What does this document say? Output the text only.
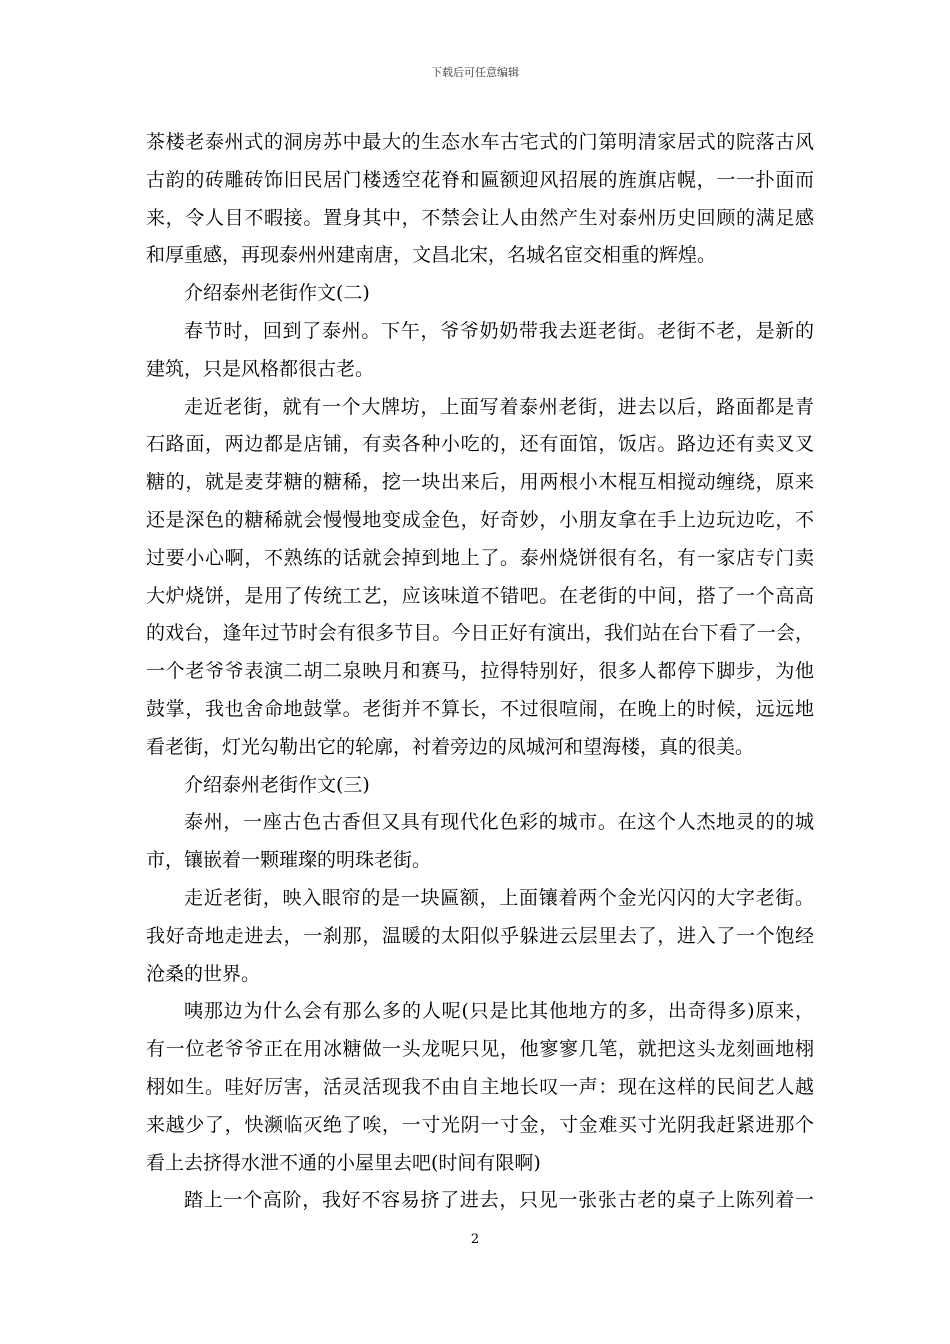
下载后可任意编辑
茶楼老泰州式的洞房苏中最大的生态水车古宅式的门第明清家居式的院落古风
古韵的砖雕砖饰旧民居门楼透空花脊和匾额迎风招展的旌旗店幌，一一扑面而
来，令人目不暇接。置身其中，不禁会让人由然产生对泰州历史回顾的满足感
和厚重感，再现泰州州建南唐，文昌北宋，名城名宦交相重的辉煌。
介绍泰州老街作文(二)
春节时，回到了泰州。下午，爷爷奶奶带我去逛老街。老街不老，是新的
建筑，只是风格都很古老。
走近老街，就有一个大牌坊，上面写着泰州老街，进去以后，路面都是青
石路面，两边都是店铺，有卖各种小吃的，还有面馆，饭店。路边还有卖叉叉
糖的，就是麦芽糖的糖稀，挖一块出来后，用两根小木棍互相搅动缠绕，原来
还是深色的糖稀就会慢慢地变成金色，好奇妙，小朋友拿在手上边玩边吃，不
过要小心啊，不熟练的话就会掉到地上了。泰州烧饼很有名，有一家店专门卖
大炉烧饼，是用了传统工艺，应该味道不错吧。在老街的中间，搭了一个高高
的戏台，逢年过节时会有很多节目。今日正好有演出，我们站在台下看了一会，
一个老爷爷表演二胡二泉映月和赛马，拉得特别好，很多人都停下脚步，为他
鼓掌，我也舍命地鼓掌。老街并不算长，不过很喧闹，在晚上的时候，远远地
看老街，灯光勾勒出它的轮廓，衬着旁边的凤城河和望海楼，真的很美。
介绍泰州老街作文(三)
泰州，一座古色古香但又具有现代化色彩的城市。在这个人杰地灵的的城
市，镶嵌着一颗璀璨的明珠老街。
走近老街，映入眼帘的是一块匾额，上面镶着两个金光闪闪的大字老街。
我好奇地走进去，一刹那，温暖的太阳似乎躲进云层里去了，进入了一个饱经
沧桑的世界。
咦那边为什么会有那么多的人呢(只是比其他地方的多，出奇得多)原来，
有一位老爷爷正在用冰糖做一头龙呢只见，他寥寥几笔，就把这头龙刻画地栩
栩如生。哇好厉害，活灵活现我不由自主地长叹一声：现在这样的民间艺人越
来越少了，快濒临灭绝了唉，一寸光阴一寸金，寸金难买寸光阴我赶紧进那个
看上去挤得水泄不通的小屋里去吧(时间有限啊)
踏上一个高阶，我好不容易挤了进去，只见一张张古老的桌子上陈列着一
2
